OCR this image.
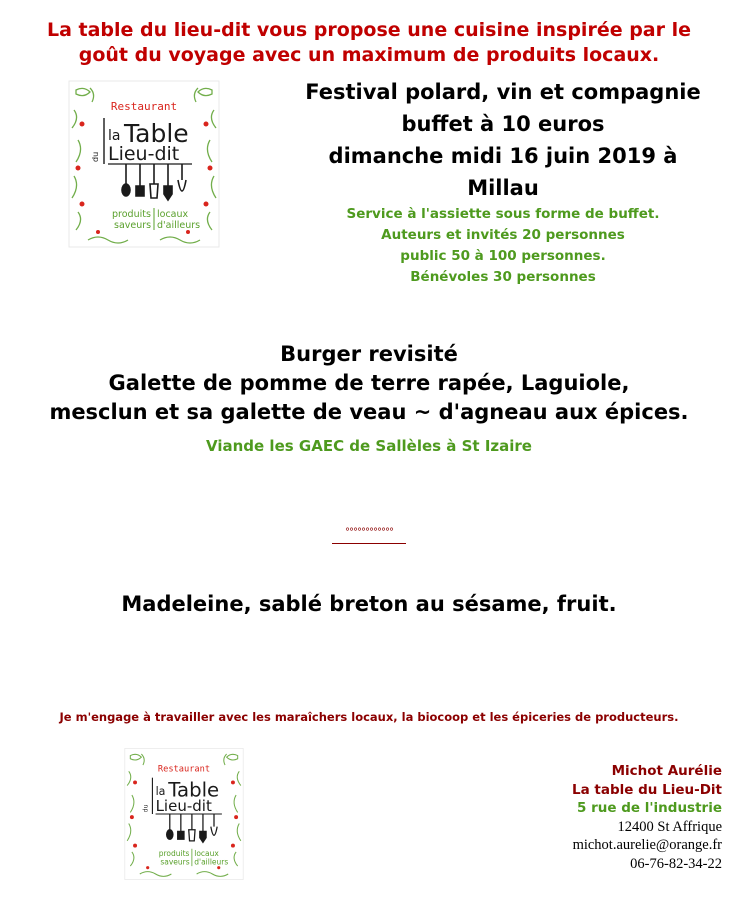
La table du lieu-dit vous propose une cuisine inspirée par le
goût du voyage avec un maximum de produits locaux.
Restaurant
la Table
du Lieu-dit
produits locaux
saveurs d'ailleurs
Festival polard, vin et compagnie
buffet à 10 euros
dimanche midi 16 juin 2019 à
Millau
Service à l'assiette sous forme de buffet.
Auteurs et invités 20 personnes
public 50 à 100 personnes.
Bénévoles 30 personnes
Burger revisité
Galette de pomme de terre rapée, Laguiole,
mesclun et sa galette de veau ~ d'agneau aux épices.
Viande les GAEC de Sallèles à St Izaire
°°°°°°°°°°°°
Madeleine, sablé breton au sésame, fruit.
Je m'engage à travailler avec les maraîchers locaux, la biocoop et les épiceries de producteurs.
Restaurant
la Table
du Lieu-dit
produits locaux
saveurs d'ailleurs
Michot Aurélie
La table du Lieu-Dit
5 rue de l'industrie
12400 St Affrique
michot.aurelie@orange.fr
06-76-82-34-22
